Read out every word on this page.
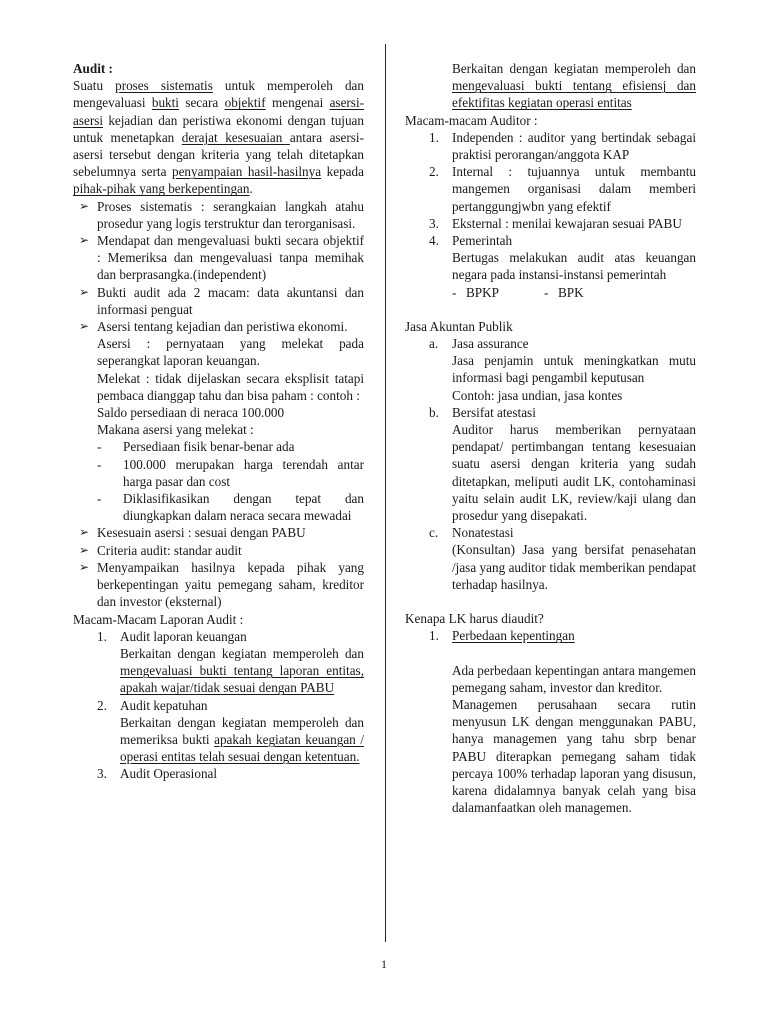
Audit :

Suatu proses sistematis untuk memperoleh dan mengevaluasi bukti secara objektif mengenai asersi-asersi kejadian dan peristiwa ekonomi dengan tujuan untuk menetapkan derajat kesesuaian antara asersi-asersi tersebut dengan kriteria yang telah ditetapkan sebelumnya serta penyampaian hasil-hasilnya kepada pihak-pihak yang berkepentingan.

➢ Proses sistematis : serangkaian langkah atahu prosedur yang logis terstruktur dan terorganisasi.
➢ Mendapat dan mengevaluasi bukti secara objektif : Memeriksa dan mengevaluasi tanpa memihak dan berprasangka.(independent)
➢ Bukti audit ada 2 macam: data akuntansi dan informasi penguat
➢ Asersi tentang kejadian dan peristiwa ekonomi.

Asersi : pernyataan yang melekat pada seperangkat laporan keuangan.

Melekat : tidak dijelaskan secara eksplisit tatapi pembaca dianggap tahu dan bisa paham : contoh :

Saldo persediaan di neraca 100.000

Makana asersi yang melekat :

- Persediaan fisik benar-benar ada
- 100.000 merupakan harga terendah antar harga pasar dan cost
- Diklasifikasikan dengan tepat dan diungkapkan dalam neraca secara mewadai
➢ Kesesuain asersi : sesuai dengan PABU
➢ Criteria audit: standar audit
➢ Menyampaikan hasilnya kepada pihak yang berkepentingan yaitu pemegang saham, kreditor dan investor (eksternal)

Macam-Macam Laporan Audit :

1. Audit laporan keuangan

Berkaitan dengan kegiatan memperoleh dan mengevaluasi bukti tentang laporan entitas, apakah wajar/tidak sesuai dengan PABU

2. Audit kepatuhan

Berkaitan dengan kegiatan memperoleh dan memeriksa bukti apakah kegiatan keuangan / operasi entitas telah sesuai dengan ketentuan.

3. Audit Operasional

Berkaitan dengan kegiatan memperoleh dan mengevaluasi bukti tentang efisiensj dan efektifitas kegiatan operasi entitas

Macam-macam Auditor :

1. Independen : auditor yang bertindak sebagai praktisi perorangan/anggota KAP
2. Internal : tujuannya untuk membantu mangemen organisasi dalam memberi pertanggungjwbn yang efektif
3. Eksternal : menilai kewajaran sesuai PABU
4. Pemerintah

Bertugas melakukan audit atas keuangan negara pada instansi-instansi pemerintah

- BPKP	- BPK

Jasa Akuntan Publik

a. Jasa assurance

Jasa penjamin untuk meningkatkan mutu informasi bagi pengambil keputusan

Contoh: jasa undian, jasa kontes

b. Bersifat atestasi

Auditor harus memberikan pernyataan pendapat/ pertimbangan tentang kesesuaian suatu asersi dengan kriteria yang sudah ditetapkan, meliputi audit LK, contohaminasi yaitu selain audit LK, review/kaji ulang dan prosedur yang disepakati.

c. Nonatestasi

(Konsultan) Jasa yang bersifat penasehatan /jasa yang auditor tidak memberikan pendapat terhadap hasilnya.

Kenapa LK harus diaudit?

1. Perbedaan kepentingan

Ada perbedaan kepentingan antara mangemen pemegang saham, investor dan kreditor.

Managemen perusahaan secara rutin menyusun LK dengan menggunakan PABU, hanya managemen yang tahu sbrp benar PABU diterapkan pemegang saham tidak percaya 100% terhadap laporan yang disusun, karena didalamnya banyak celah yang bisa dalamanfaatkan oleh managemen.

1
